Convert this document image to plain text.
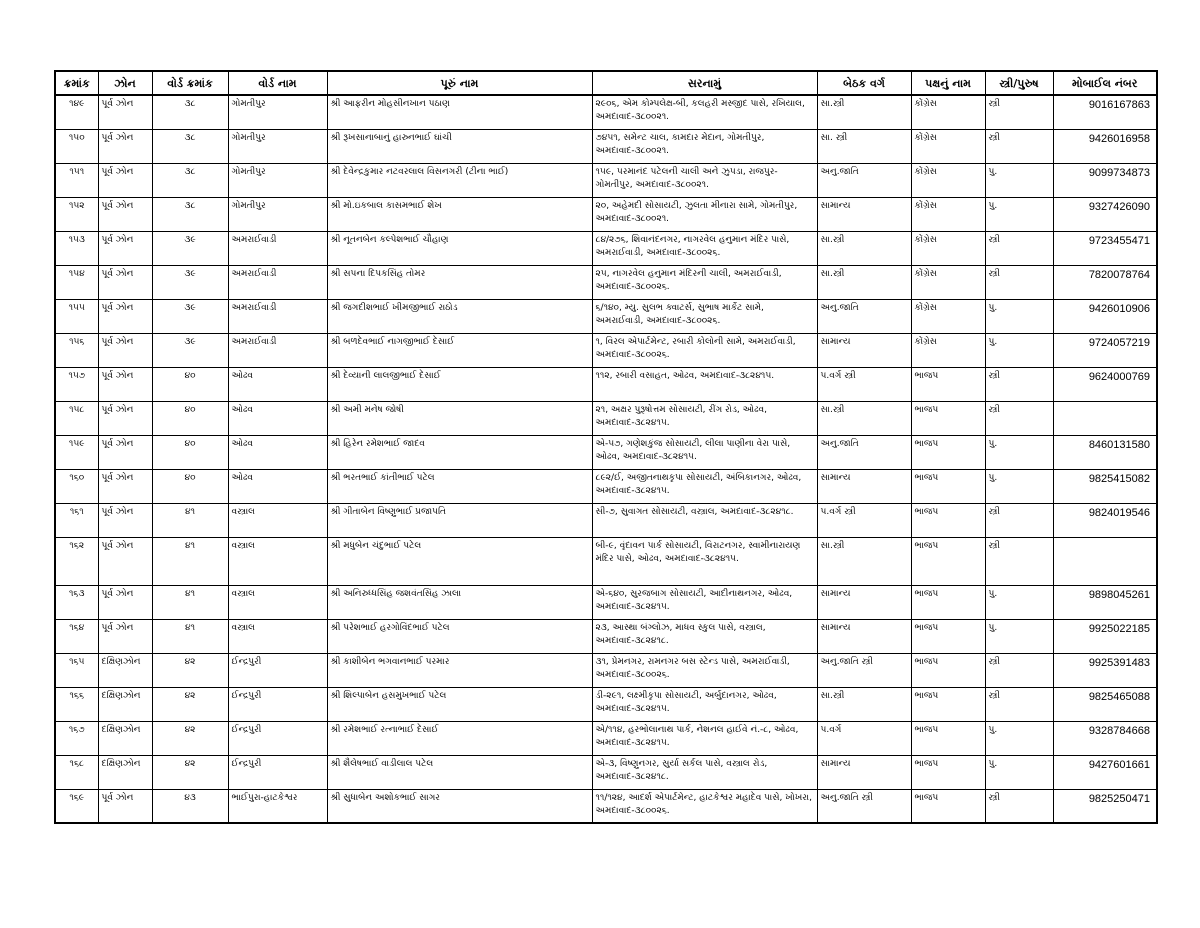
ક્રમાંક	ઝોન	વોર્ડ ક્રમાંક	વોર્ડ નામ	પૂરું નામ	સરનામું	બેઠક વર્ગ	પક્ષનું નામ	સ્ત્રી/પુરુષ	મોબાઈલ નંબર
૧૪૯	પૂર્વ ઝોન	૩૮	ગોમતીપુર	શ્રી આફરીન મોહસીનખાન પઠાણ	૨૯૦૬, એમ કોમ્પલેક્ષ-બી, કલહરી મસ્જીદ પાસે, રખિયાલ, અમદાવાદ-૩૮૦૦૨૧.	સા.સ્ત્રી	કોંગ્રેસ	સ્ત્રી	9016167863
૧૫૦	પૂર્વ ઝોન	૩૮	ગોમતીપુર	શ્રી રૂખસાનાબાનું હારુનભાઈ ઘાંચી	૭૪૫૧, સમેન્ટ ચાલ, કામદાર મેદાન, ગોમતીપુર, અમદાવાદ-૩૮૦૦૨૧.	સા. સ્ત્રી	કોંગ્રેસ	સ્ત્રી	9426016958
૧૫૧	પૂર્વ ઝોન	૩૮	ગોમતીપુર	શ્રી દેવેન્દ્રકુમાર નટવરલાલ વિસનગરી (ટીના ભાઈ)	૧૫૯, પરમાનંદ પટેલની ચાલી અને ઝુપડા, રાજપુર-ગોમતીપુર, અમદાવાદ-૩૮૦૦૨૧.	અનુ.જાતિ	કોંગ્રેસ	પુ.	9099734873
૧૫૨	પૂર્વ ઝોન	૩૮	ગોમતીપુર	શ્રી મો.ઇકબાલ કાસમભાઈ શેખ	૨૦, અહેમદી સોસાયટી, ઝુલતા મીનારા સામે, ગોમતીપુર, અમદાવાદ-૩૮૦૦૨૧.	સામાન્ય	કોંગ્રેસ	પુ.	9327426090
૧૫૩	પૂર્વ ઝોન	૩૯	અમરાઈવાડી	શ્રી નૂતનબેન કલ્પેશભાઈ ચૌહાણ	૮૪/૨૭૬, શિવાનંદનગર, નાગરવેલ હનુમાન મંદિર પાસે, અમરાઈવાડી, અમદાવાદ-૩૮૦૦૨૬.	સા.સ્ત્રી	કોંગ્રેસ	સ્ત્રી	9723455471
૧૫૪	પૂર્વ ઝોન	૩૯	અમરાઈવાડી	શ્રી સપના દિપકસિંહ તોમર	૨૫, નાગરવેલ હનુમાન મંદિરની ચાલી, અમરાઈવાડી, અમદાવાદ-૩૮૦૦૨૬.	સા.સ્ત્રી	કોંગ્રેસ	સ્ત્રી	7820078764
૧૫૫	પૂર્વ ઝોન	૩૯	અમરાઈવાડી	શ્રી જગદીશભાઈ ખીમજીભાઈ રાઠોડ	૬/૧૪૦, મ્યુ. સુલભ ક્વાટર્સ, સુભાષ માર્કેટ સામે, અમરાઈવાડી, અમદાવાદ-૩૮૦૦૨૬.	અનુ.જાતિ	કોંગ્રેસ	પુ.	9426010906
૧૫૬	પૂર્વ ઝોન	૩૯	અમરાઈવાડી	શ્રી બળદેવભાઈ નાગજીભાઈ દેસાઈ	૧, વિરલ એપાર્ટમેન્ટ, રબારી કોલોની સામે, અમરાઈવાડી, અમદાવાદ-૩૮૦૦૨૬.	સામાન્ય	કોંગ્રેસ	પુ.	9724057219
૧૫૭	પૂર્વ ઝોન	૪૦	ઓઢવ	શ્રી દેવ્યાની લાલજીભાઈ દેસાઈ	૧૧૨, રબારી વસાહત, ઓઢવ, અમદાવાદ-૩૮૨૪૧૫.	પ.વર્ગ સ્ત્રી	ભાજપ	સ્ત્રી	9624000769
૧૫૮	પૂર્વ ઝોન	૪૦	ઓઢવ	શ્રી અમી મનેષ જોષી	૨૧, અક્ષર પુરૂષોત્તમ સોસાયટી, રીંગ રોડ, ઓઢવ, અમદાવાદ-૩૮૨૪૧૫.	સા.સ્ત્રી	ભાજપ	સ્ત્રી	
૧૫૯	પૂર્વ ઝોન	૪૦	ઓઢવ	શ્રી હિરેન રમેશભાઈ જાદવ	એ-૫૭, ગણેશકુંજ સોસાયટી, લીલા પાણીના વેરા પાસે, ઓઢવ, અમદાવાદ-૩૮૨૪૧૫.	અનુ.જાતિ	ભાજપ	પુ.	8460131580
૧૬૦	પૂર્વ ઝોન	૪૦	ઓઢવ	શ્રી ભરતભાઈ કાંતીભાઈ પટેલ	૮૯૨/ઈ, અજીતનાથકૃપા સોસાયટી, અંબિકાનગર, ઓઢવ, અમદાવાદ-૩૮૨૪૧૫.	સામાન્ય	ભાજપ	પુ.	9825415082
૧૬૧	પૂર્વ ઝોન	૪૧	વસ્ત્રાલ	શ્રી ગીતાબેન વિષ્ણુભાઈ પ્રજાપતિ	સી-૭, સુવાગત સોસાયટી, વસ્ત્રાલ, અમદાવાદ-૩૮૨૪૧૮.	પ.વર્ગ સ્ત્રી	ભાજપ	સ્ત્રી	9824019546
૧૬૨	પૂર્વ ઝોન	૪૧	વસ્ત્રાલ	શ્રી મધુબેન ચંદુભાઈ પટેલ	બી-૯, વૃંદાવન પાર્ક સોસાયટી, વિરાટનગર, સ્વામીનારાયણ મંદિર પાસે, ઓઢવ, અમદાવાદ-૩૮૨૪૧૫.	સા.સ્ત્રી	ભાજપ	સ્ત્રી	
૧૬૩	પૂર્વ ઝોન	૪૧	વસ્ત્રાલ	શ્રી અનિરુધ્ધસિંહ જશવંતસિંહ ઝાલા	એ-૬૪૦, સુરજબાગ સોસાયટી, આદીનાથનગર, ઓઢવ, અમદાવાદ-૩૮૨૪૧૫.	સામાન્ય	ભાજપ	પુ.	9898045261
૧૬૪	પૂર્વ ઝોન	૪૧	વસ્ત્રાલ	શ્રી પરેશભાઈ હરગોવિંદભાઈ પટેલ	૨૩, આસ્થા બંગ્લોઝ, માધવ સ્કુલ પાસે, વસ્ત્રાલ, અમદાવાદ-૩૮૨૪૧૮.	સામાન્ય	ભાજપ	પુ.	9925022185
૧૬૫	દક્ષિણઝોન	૪૨	ઈન્દ્રપુરી	શ્રી કાશીબેન ભગવાનભાઈ પરમાર	૩૧, પ્રેમનગર, રામનગર બસ સ્ટેન્ડ પાસે, અમરાઈવાડી, અમદાવાદ-૩૮૦૦૨૬.	અનુ.જાતિ સ્ત્રી	ભાજપ	સ્ત્રી	9925391483
૧૬૬	દક્ષિણઝોન	૪૨	ઈન્દ્રપુરી	શ્રી શિલ્પાબેન હસમુખભાઈ પટેલ	ડી-૨૯૧, લક્ષ્મીકૃપા સોસાયટી, અર્બુદાનગર, ઓઢવ, અમદાવાદ-૩૮૨૪૧૫.	સા.સ્ત્રી	ભાજપ	સ્ત્રી	9825465088
૧૬૭	દક્ષિણઝોન	૪૨	ઈન્દ્રપુરી	શ્રી રમેશભાઈ રત્નાભાઈ દેસાઈ	એ/૧૧૪, હરભોલાનાથ પાર્ક, નેશનલ હાઈવે નં.-૮, ઓઢવ, અમદાવાદ-૩૮૨૪૧૫.	પ.વર્ગ	ભાજપ	પુ.	9328784668
૧૬૮	દક્ષિણઝોન	૪૨	ઈન્દ્રપુરી	શ્રી શૈલેષભાઈ વાડીલાલ પટેલ	એ-૩, વિષ્ણુનગર, સુર્યા સર્કલ પાસે, વસ્ત્રાલ રોડ, અમદાવાદ-૩૮૨૪૧૮.	સામાન્ય	ભાજપ	પુ.	9427601661
૧૬૯	પૂર્વ ઝોન	૪૩	ભાઈપુરા-હાટકેશ્વર	શ્રી સુધાબેન અશોકભાઈ સાગર	૧૧/૧૨૪, આદર્શ એપાર્ટમેન્ટ, હાટકેશ્વર મહાદેવ પાસે, ખોખરા, અમદાવાદ-૩૮૦૦૨૬.	અનુ.જાતિ સ્ત્રી	ભાજપ	સ્ત્રી	9825250471
